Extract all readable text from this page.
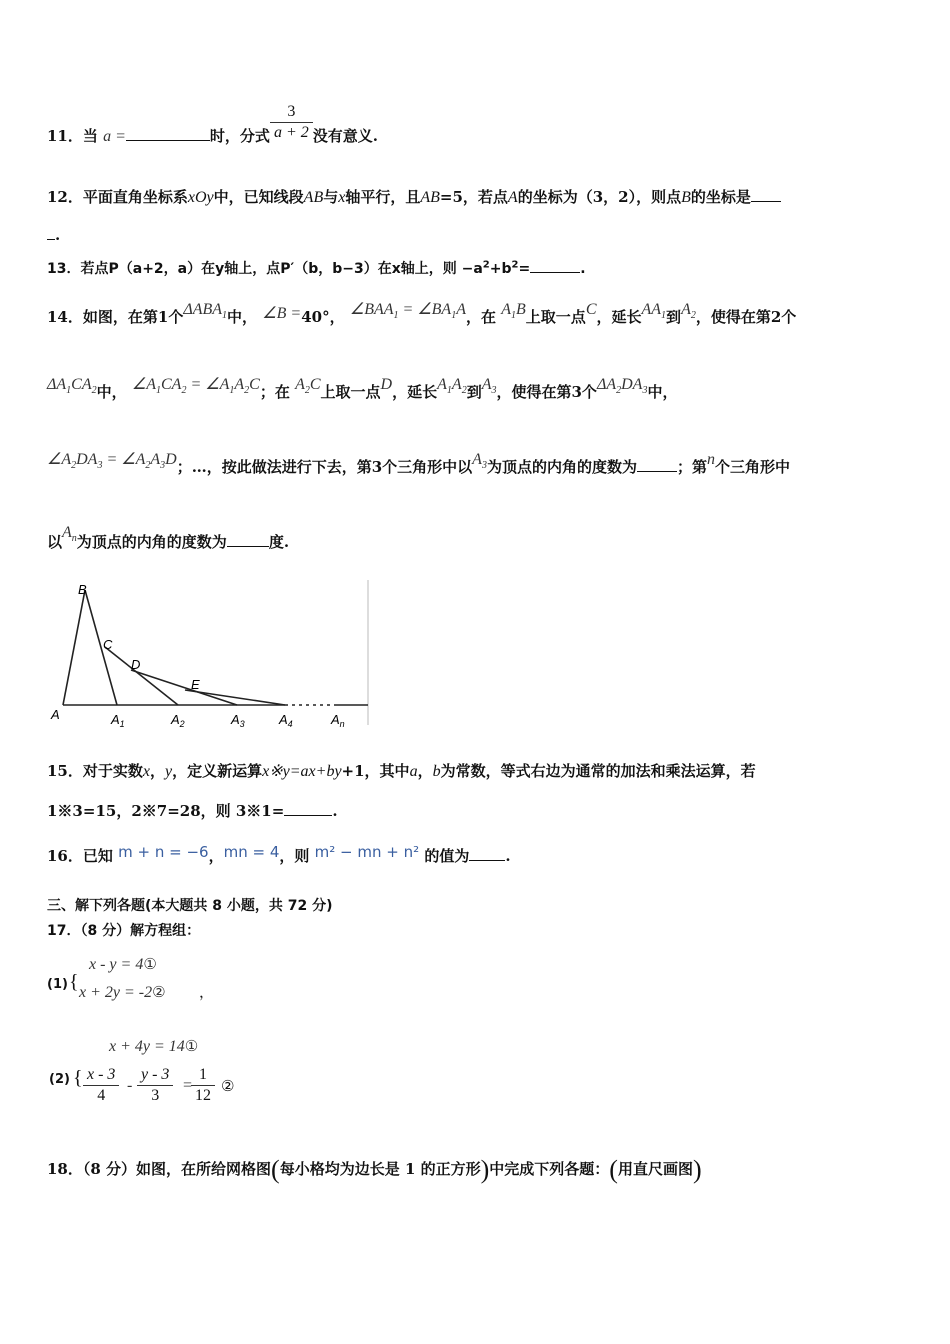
11．当 a =	时，分式 $\frac{3}{a + 2}$ 没有意义.
12．平面直角坐标系xOy中，已知线段AB与x轴平行，且AB=5，若点A的坐标为（3，2），则点B的坐标是
.
13．若点P（a+2，a）在y轴上，点P′（b，b−3）在x轴上，则 $-a^2+b^2=$	.
14．如图，在第1个$\Delta ABA_1$中， ∠B =40°， $\angle BAA_1$ = $\angle BA_1A$，在 $A_1B$上取一点C，延长$AA_1$到$A_2$，使得在第2个
$\Delta A_1CA_2$中， $\angle A_1CA_2$ = $\angle A_1A_2C$；在 $A_2C$上取一点D，延长$A_1A_2$到$A_3$，使得在第3个$\Delta A_2DA_3$中，
$\angle A_2DA_3$ = $\angle A_2A_3D$；…，按此做法进行下去，第3个三角形中以$A_3$为顶点的内角的度数为	；第n个三角形中
以$A_n$为顶点的内角的度数为	度.
B
C
D
E
A	$A_1$	$A_2$	$A_3$	$A_4$	$A_n$
15．对于实数x，y，定义新运算x※y=ax+by+1，其中a，b为常数，等式右边为通常的加法和乘法运算，若
1※3=15，2※7=28，则 3※1=	.
16．已知 m + n = −6，mn = 4，则 m² − mn + n² 的值为 .
三、解下列各题(本大题共 8 小题，共 72 分)
17．（8 分）解方程组：
(1) {
x - y = 4①
x + 2y = -2② ，
x + 4y = 14①
(2) { $\frac{x - 3}{4} - \frac{y - 3}{3}$ =
$\frac{1}{12}$ ②
18．（8 分）如图，在所给网格图(每小格均为边长是 1 的正方形)中完成下列各题：(用直尺画图)
